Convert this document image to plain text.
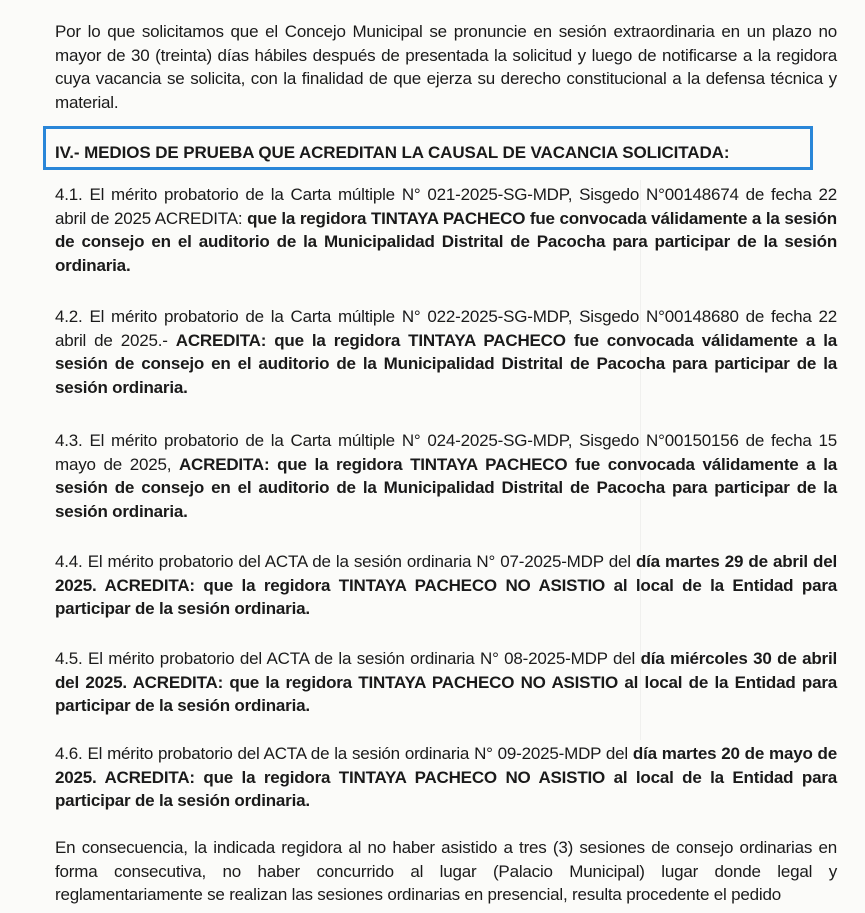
Por lo que solicitamos que el Concejo Municipal se pronuncie en sesión extraordinaria en un plazo no mayor de 30 (treinta) días hábiles después de presentada la solicitud y luego de notificarse a la regidora cuya vacancia se solicita, con la finalidad de que ejerza su derecho constitucional a la defensa técnica y material.

IV.- MEDIOS DE PRUEBA QUE ACREDITAN LA CAUSAL DE VACANCIA SOLICITADA:

4.1. El mérito probatorio de la Carta múltiple N° 021-2025-SG-MDP, Sisgedo N°00148674 de fecha 22 abril de 2025 ACREDITA: que la regidora TINTAYA PACHECO fue convocada válidamente a la sesión de consejo en el auditorio de la Municipalidad Distrital de Pacocha para participar de la sesión ordinaria.

4.2. El mérito probatorio de la Carta múltiple N° 022-2025-SG-MDP, Sisgedo N°00148680 de fecha 22 abril de 2025.- ACREDITA: que la regidora TINTAYA PACHECO fue convocada válidamente a la sesión de consejo en el auditorio de la Municipalidad Distrital de Pacocha para participar de la sesión ordinaria.

4.3. El mérito probatorio de la Carta múltiple N° 024-2025-SG-MDP, Sisgedo N°00150156 de fecha 15 mayo de 2025, ACREDITA: que la regidora TINTAYA PACHECO fue convocada válidamente a la sesión de consejo en el auditorio de la Municipalidad Distrital de Pacocha para participar de la sesión ordinaria.

4.4. El mérito probatorio del ACTA de la sesión ordinaria N° 07-2025-MDP del día martes 29 de abril del 2025. ACREDITA: que la regidora TINTAYA PACHECO NO ASISTIO al local de la Entidad para participar de la sesión ordinaria.

4.5. El mérito probatorio del ACTA de la sesión ordinaria N° 08-2025-MDP del día miércoles 30 de abril del 2025. ACREDITA: que la regidora TINTAYA PACHECO NO ASISTIO al local de la Entidad para participar de la sesión ordinaria.

4.6. El mérito probatorio del ACTA de la sesión ordinaria N° 09-2025-MDP del día martes 20 de mayo de 2025. ACREDITA: que la regidora TINTAYA PACHECO NO ASISTIO al local de la Entidad para participar de la sesión ordinaria.

En consecuencia, la indicada regidora al no haber asistido a tres (3) sesiones de consejo ordinarias en forma consecutiva, no haber concurrido al lugar (Palacio Municipal) lugar donde legal y reglamentariamente se realizan las sesiones ordinarias en presencial, resulta procedente el pedido
